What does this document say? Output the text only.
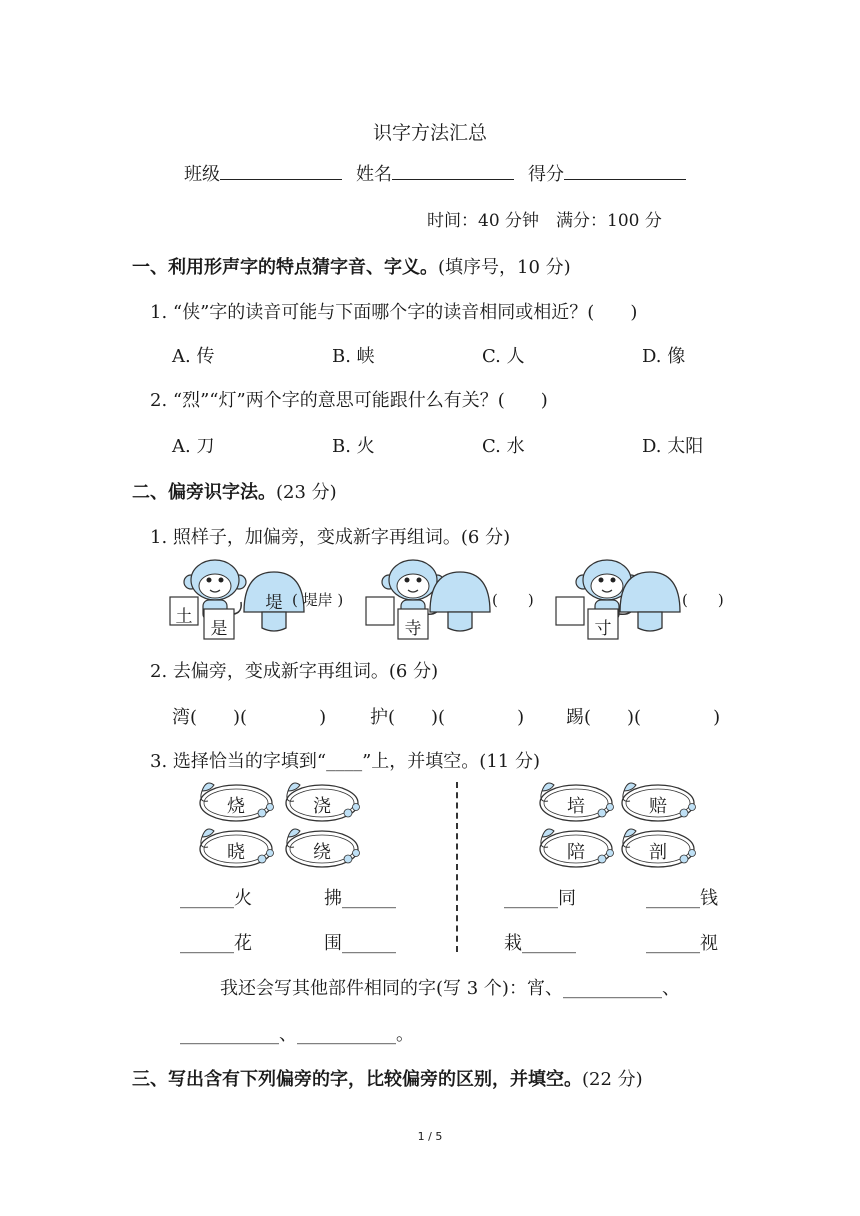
识字方法汇总
班级	姓名	得分
时间：40 分钟　满分：100 分
一、利用形声字的特点猜字音、字义。(填序号，10 分)
1. “侠”字的读音可能与下面哪个字的读音相同或相近？(　　)
A. 传	B. 峡	C. 人	D. 像
2. “烈”“灯”两个字的意思可能跟什么有关？(　　)
A. 刀	B. 火	C. 水	D. 太阳
二、偏旁识字法。(23 分)
1. 照样子，加偏旁，变成新字再组词。(6 分)
土
是
堤 ( 堤岸 )
寺
(　　)
寸
(　　)
2. 去偏旁，变成新字再组词。(6 分)
湾(　　)(　　　　) 护(　　)(　　　　) 踢(　　)(　　　　)
3. 选择恰当的字填到“____”上，并填空。(11 分)
烧	浇
晓	绕
培	赔
陪	剖
______火	拂______
______花	围______
______同	______钱
栽______	______视
我还会写其他部件相同的字(写 3 个)：宵、___________、
___________、___________。
三、写出含有下列偏旁的字，比较偏旁的区别，并填空。(22 分)
1 / 5
